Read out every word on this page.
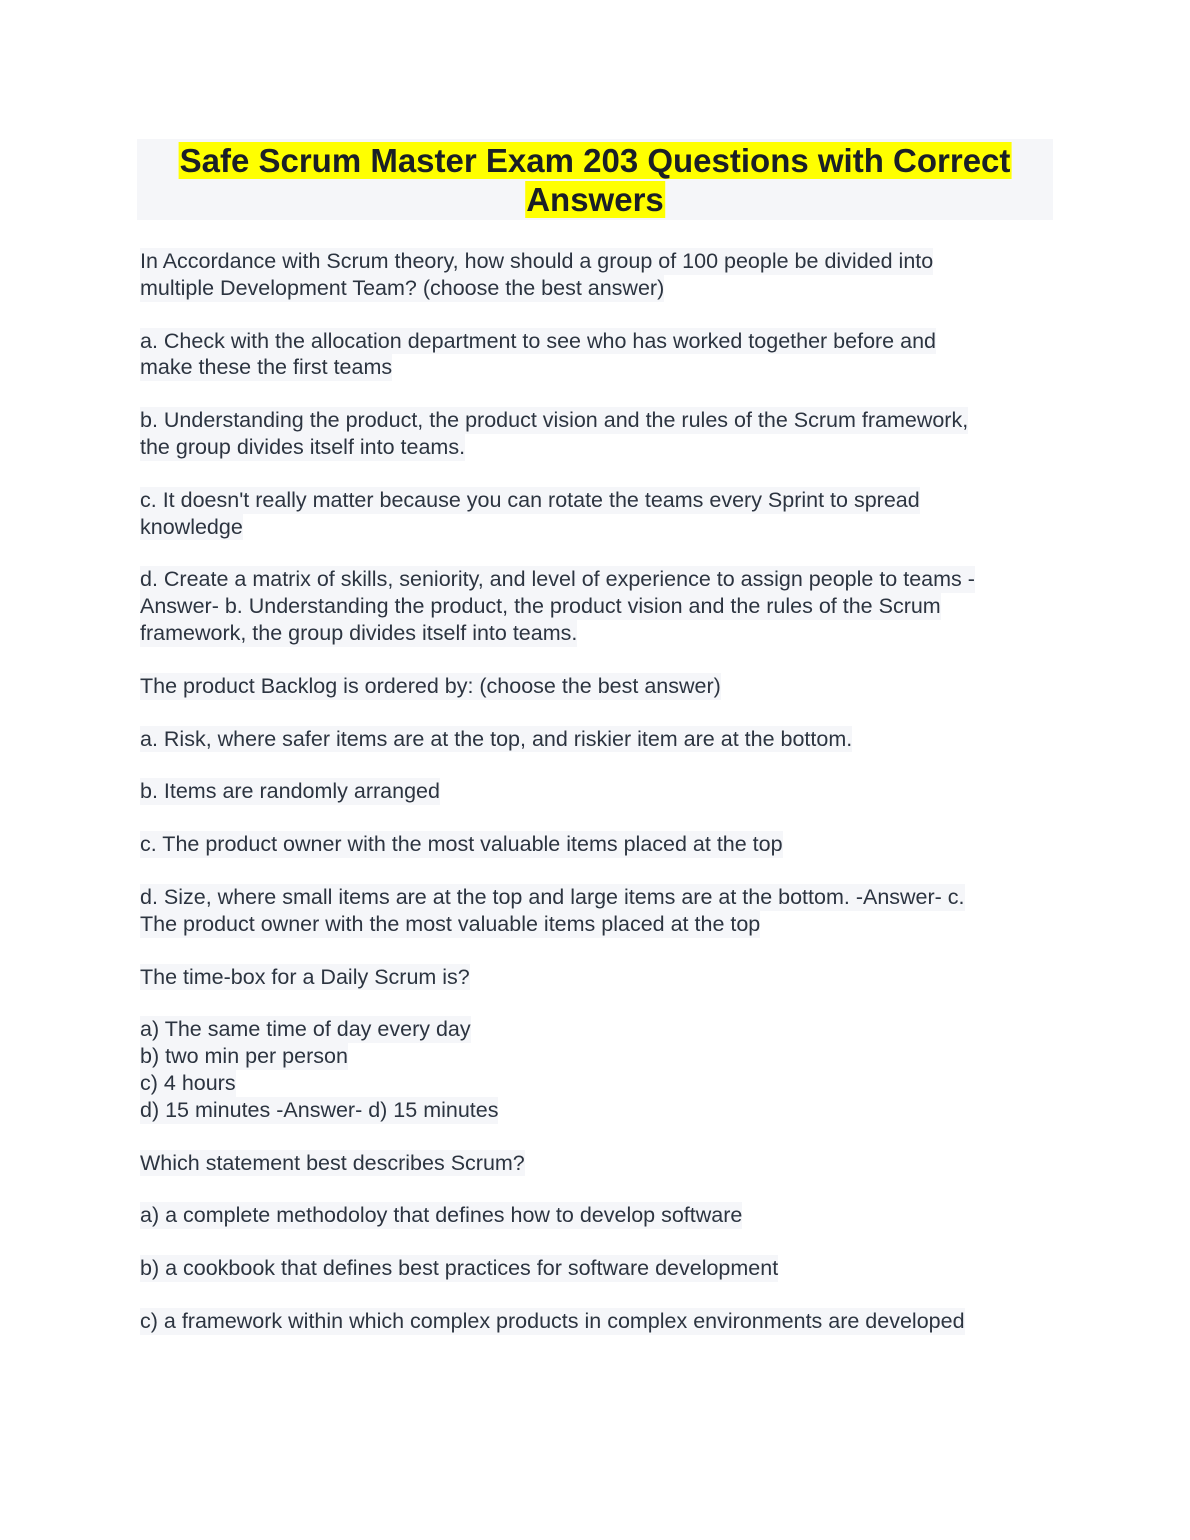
Safe Scrum Master Exam 203 Questions with Correct
Answers
In Accordance with Scrum theory, how should a group of 100 people be divided into
multiple Development Team? (choose the best answer)
a. Check with the allocation department to see who has worked together before and
make these the first teams
b. Understanding the product, the product vision and the rules of the Scrum framework,
the group divides itself into teams.
c. It doesn't really matter because you can rotate the teams every Sprint to spread
knowledge
d. Create a matrix of skills, seniority, and level of experience to assign people to teams -
Answer- b. Understanding the product, the product vision and the rules of the Scrum
framework, the group divides itself into teams.
The product Backlog is ordered by: (choose the best answer)
a. Risk, where safer items are at the top, and riskier item are at the bottom.
b. Items are randomly arranged
c. The product owner with the most valuable items placed at the top
d. Size, where small items are at the top and large items are at the bottom. -Answer- c.
The product owner with the most valuable items placed at the top
The time-box for a Daily Scrum is?
a) The same time of day every day
b) two min per person
c) 4 hours
d) 15 minutes -Answer- d) 15 minutes
Which statement best describes Scrum?
a) a complete methodoloy that defines how to develop software
b) a cookbook that defines best practices for software development
c) a framework within which complex products in complex environments are developed
